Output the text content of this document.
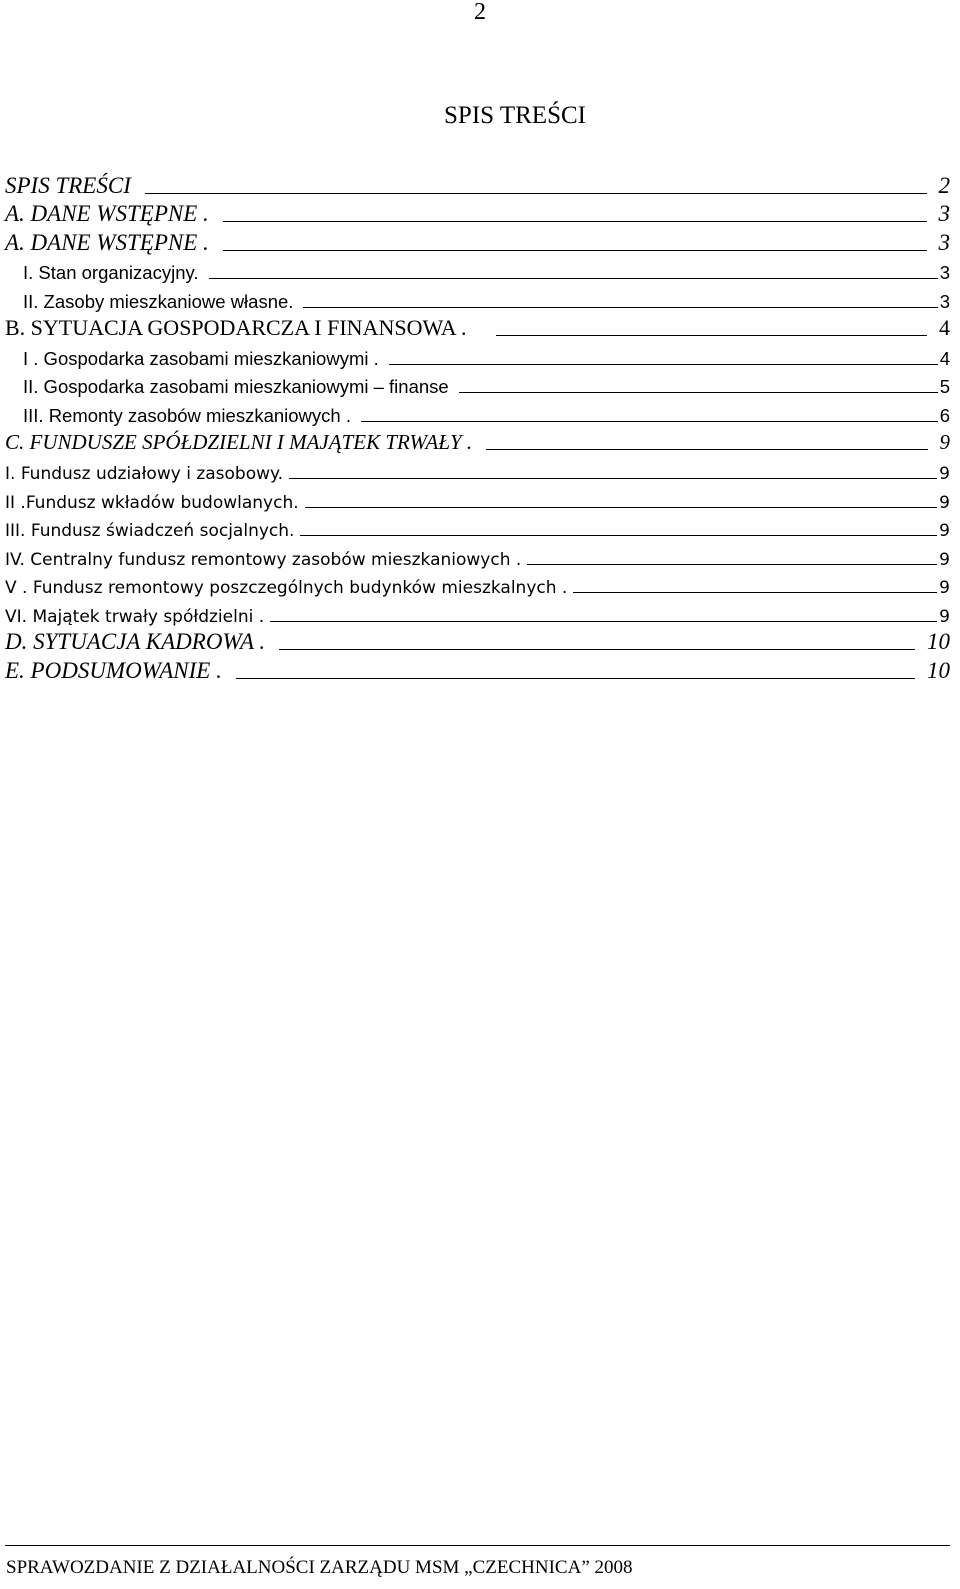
2
SPIS TREŚCI
SPIS TREŚCI	2
A. DANE WSTĘPNE .	3
A. DANE WSTĘPNE .	3
I. Stan organizacyjny.	3
II. Zasoby mieszkaniowe własne.	3
B. SYTUACJA GOSPODARCZA I FINANSOWA .	4
I . Gospodarka zasobami mieszkaniowymi .	4
II. Gospodarka zasobami mieszkaniowymi – finanse	5
III. Remonty zasobów mieszkaniowych .	6
C. FUNDUSZE SPÓŁDZIELNI I MAJĄTEK TRWAŁY .	9
I. Fundusz udziałowy i zasobowy.	9
II .Fundusz wkładów budowlanych.	9
III. Fundusz świadczeń socjalnych.	9
IV. Centralny fundusz remontowy zasobów mieszkaniowych .	9
V . Fundusz remontowy poszczególnych budynków mieszkalnych .	9
VI. Majątek trwały spółdzielni .	9
D. SYTUACJA KADROWA .	10
E. PODSUMOWANIE .	10
SPRAWOZDANIE Z DZIAŁALNOŚCI ZARZĄDU MSM „CZECHNICA” 2008
